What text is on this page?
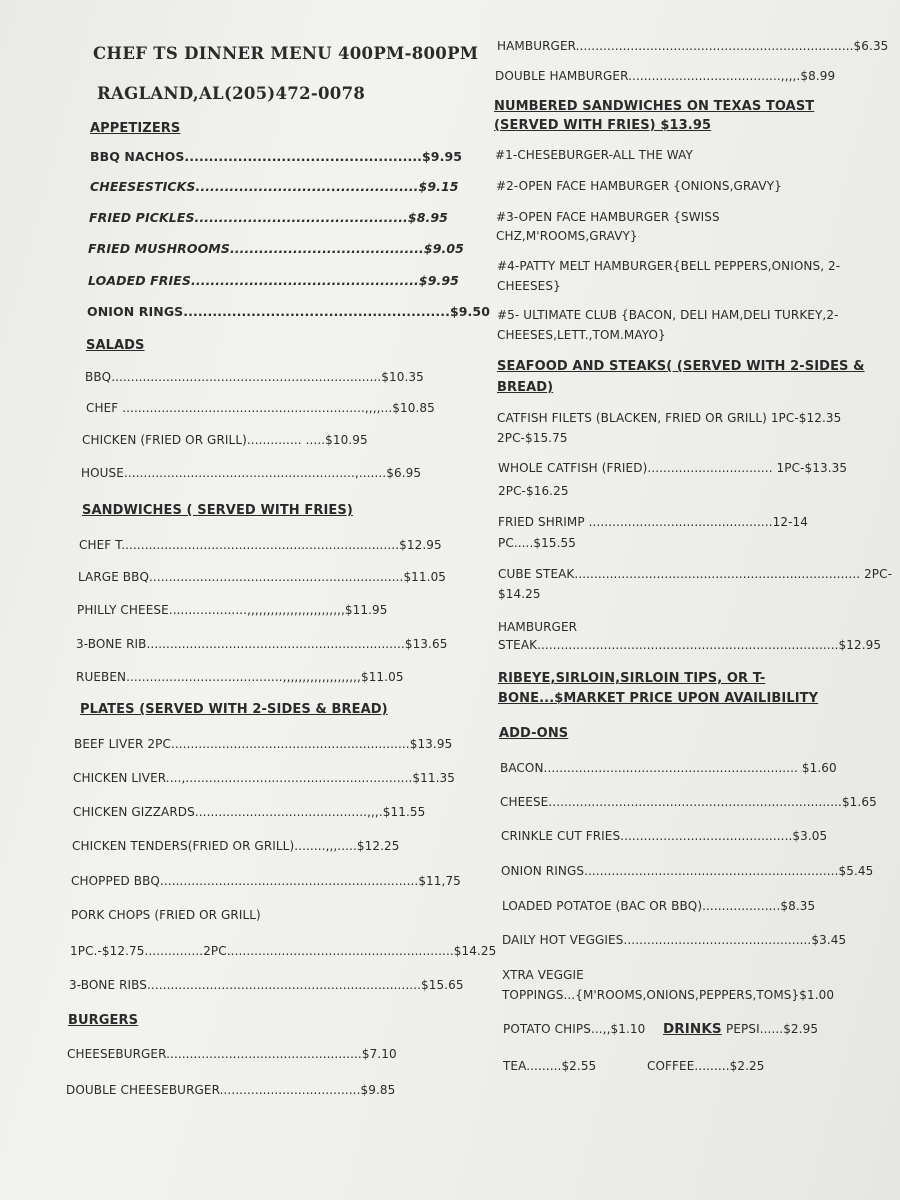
CHEF TS DINNER MENU 400PM-800PM
RAGLAND,AL(205)472-0078
APPETIZERS
BBQ NACHOS.................................................$9.95
CHEESESTICKS..............................................$9.15
FRIED PICKLES............................................$8.95
FRIED MUSHROOMS........................................$9.05
LOADED FRIES...............................................$9.95
ONION RINGS.......................................................$9.50
SALADS
BBQ.....................................................................$10.35
CHEF ..............................................................,,,,...$10.85
CHICKEN (FRIED OR GRILL).............. .....$10.95
HOUSE...........................................................,.......$6.95
SANDWICHES ( SERVED WITH FRIES)
CHEF T.......................................................................$12.95
LARGE BBQ.................................................................$11.05
PHILLY CHEESE....................,,,,,,,,,,,,,,,,,,,,,,,,,$11.95
3-BONE RIB..................................................................$13.65
RUEBEN........................................,,,,,,,,,,,,,,,,,,,,$11.05
PLATES (SERVED WITH 2-SIDES & BREAD)
BEEF LIVER 2PC.............................................................$13.95
CHICKEN LIVER....,..........................................................$11.35
CHICKEN GIZZARDS............................................,,,.$11.55
CHICKEN TENDERS(FRIED OR GRILL)........,,,.....$12.25
CHOPPED BBQ..................................................................$11,75
PORK CHOPS (FRIED OR GRILL)
1PC.-$12.75...............2PC..........................................................$14.25
3-BONE RIBS......................................................................$15.65
BURGERS
CHEESEBURGER..................................................$7.10
DOUBLE CHEESEBURGER....................................$9.85
HAMBURGER.......................................................................$6.35
DOUBLE HAMBURGER.......................................,,,,.$8.99
NUMBERED SANDWICHES ON TEXAS TOAST
(SERVED WITH FRIES) $13.95
#1-CHESEBURGER-ALL THE WAY
#2-OPEN FACE HAMBURGER {ONIONS,GRAVY}
#3-OPEN FACE HAMBURGER {SWISS
CHZ,M'ROOMS,GRAVY}
#4-PATTY MELT HAMBURGER{BELL PEPPERS,ONIONS, 2-
CHEESES}
#5- ULTIMATE CLUB {BACON, DELI HAM,DELI TURKEY,2-
CHEESES,LETT.,TOM.MAYO}
SEAFOOD AND STEAKS( (SERVED WITH 2-SIDES &
BREAD)
CATFISH FILETS (BLACKEN, FRIED OR GRILL) 1PC-$12.35
2PC-$15.75
WHOLE CATFISH (FRIED)................................ 1PC-$13.35
2PC-$16.25
FRIED SHRIMP ...............................................12-14
PC.....$15.55
CUBE STEAK......................................................................... 2PC-
$14.25
HAMBURGER
STEAK.............................................................................$12.95
RIBEYE,SIRLOIN,SIRLOIN TIPS, OR T-
BONE...$MARKET PRICE UPON AVAILIBILITY
ADD-ONS
BACON................................................................. $1.60
CHEESE...........................................................................$1.65
CRINKLE CUT FRIES............................................$3.05
ONION RINGS.................................................................$5.45
LOADED POTATOE (BAC OR BBQ)....................$8.35
DAILY HOT VEGGIES................................................$3.45
XTRA VEGGIE
TOPPINGS...{M'ROOMS,ONIONS,PEPPERS,TOMS}$1.00
POTATO CHIPS...,,$1.10 DRINKS PEPSI......$2.95
TEA.........$2.55	COFFEE.........$2.25
